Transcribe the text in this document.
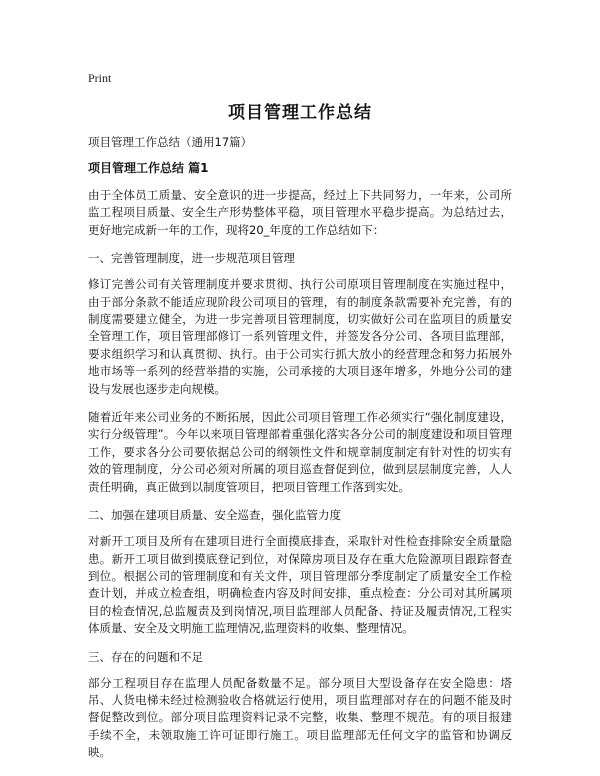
Print
项目管理工作总结
项目管理工作总结（通用17篇）
项目管理工作总结 篇1

由于全体员工质量、安全意识的进一步提高，经过上下共同努力，一年来，公司所监工程项目质量、安全生产形势整体平稳，项目管理水平稳步提高。为总结过去，更好地完成新一年的工作，现将20_年度的工作总结如下：

一、完善管理制度，进一步规范项目管理

修订完善公司有关管理制度并要求贯彻、执行公司原项目管理制度在实施过程中，由于部分条款不能适应现阶段公司项目的管理，有的制度条款需要补充完善，有的制度需要建立健全，为进一步完善项目管理制度，切实做好公司在监项目的质量安全管理工作，项目管理部修订一系列管理文件，并签发各分公司、各项目监理部，要求组织学习和认真贯彻、执行。由于公司实行抓大放小的经营理念和努力拓展外地市场等一系列的经营举措的实施，公司承接的大项目逐年增多，外地分公司的建设与发展也逐步走向规模。

随着近年来公司业务的不断拓展，因此公司项目管理工作必须实行“强化制度建设，实行分级管理”。今年以来项目管理部着重强化落实各分公司的制度建设和项目管理工作，要求各分公司要依据总公司的纲领性文件和规章制度制定有针对性的切实有效的管理制度，分公司必须对所属的项目巡查督促到位，做到层层制度完善，人人责任明确，真正做到以制度管项目，把项目管理工作落到实处。

二、加强在建项目质量、安全巡查，强化监管力度

对新开工项目及所有在建项目进行全面摸底排查，采取针对性检查排除安全质量隐患。新开工项目做到摸底登记到位，对保障房项目及存在重大危险源项目跟踪督查到位。根据公司的管理制度和有关文件，项目管理部分季度制定了质量安全工作检查计划，并成立检查组，明确检查内容及时间安排，重点检查：分公司对其所属项目的检查情况,总监履责及到岗情况,项目监理部人员配备、持证及履责情况,工程实体质量、安全及文明施工监理情况,监理资料的收集、整理情况。

三、存在的问题和不足

部分工程项目存在监理人员配备数量不足。部分项目大型设备存在安全隐患：塔吊、人货电梯未经过检测验收合格就运行使用，项目监理部对存在的问题不能及时督促整改到位。部分项目监理资料记录不完整，收集、整理不规范。有的项目报建手续不全，未领取施工许可证即行施工。项目监理部无任何文字的监管和协调反映。
